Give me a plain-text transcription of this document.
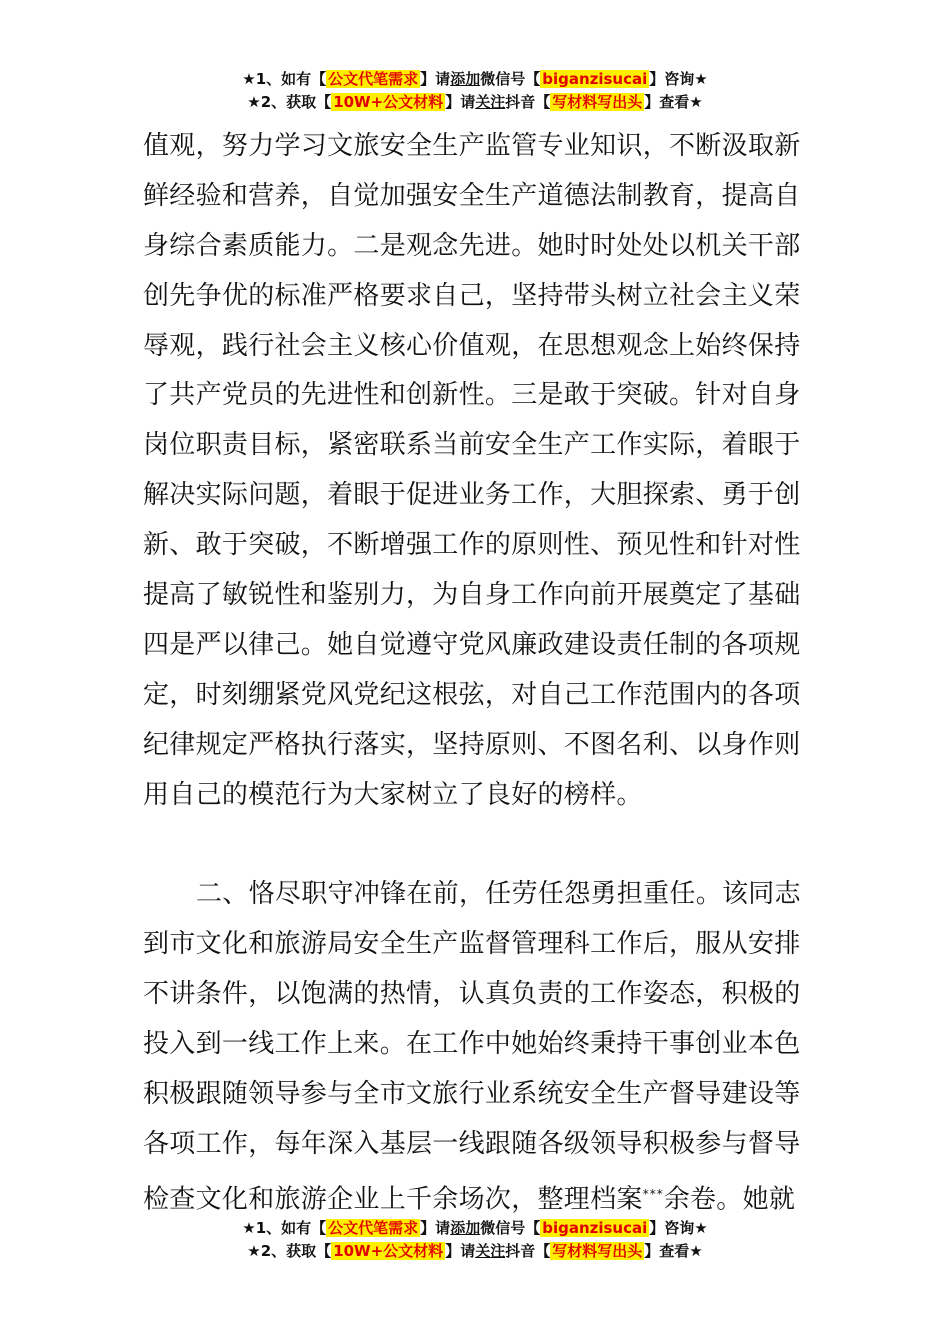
★1、如有【 公文代笔需求 】请添加微信号【 biganzisucai 】咨询★
★2、获取【 10W+公文材料 】请关注抖音【 写材料写出头 】查看★
值观，努力学习文旅安全生产监管专业知识，不断汲取新
鲜经验和营养，自觉加强安全生产道德法制教育，提高自
身综合素质能力。二是观念先进。她时时处处以机关干部
创先争优的标准严格要求自己，坚持带头树立社会主义荣
辱观，践行社会主义核心价值观，在思想观念上始终保持
了共产党员的先进性和创新性。三是敢于突破。针对自身
岗位职责目标，紧密联系当前安全生产工作实际，着眼于
解决实际问题，着眼于促进业务工作，大胆探索、勇于创
新、敢于突破，不断增强工作的原则性、预见性和针对性
提高了敏锐性和鉴别力，为自身工作向前开展奠定了基础
四是严以律己。她自觉遵守党风廉政建设责任制的各项规
定，时刻绷紧党风党纪这根弦，对自己工作范围内的各项
纪律规定严格执行落实，坚持原则、不图名利、以身作则
用自己的模范行为大家树立了良好的榜样。
二、恪尽职守冲锋在前，任劳任怨勇担重任。该同志
到市文化和旅游局安全生产监督管理科工作后，服从安排
不讲条件，以饱满的热情，认真负责的工作姿态，积极的
投入到一线工作上来。在工作中她始终秉持干事创业本色
积极跟随领导参与全市文旅行业系统安全生产督导建设等
各项工作，每年深入基层一线跟随各级领导积极参与督导
检查文化和旅游企业上千余场次，整理档案***余卷。她就
★1、如有【 公文代笔需求 】请添加微信号【 biganzisucai 】咨询★
★2、获取【 10W+公文材料 】请关注抖音【 写材料写出头 】查看★
